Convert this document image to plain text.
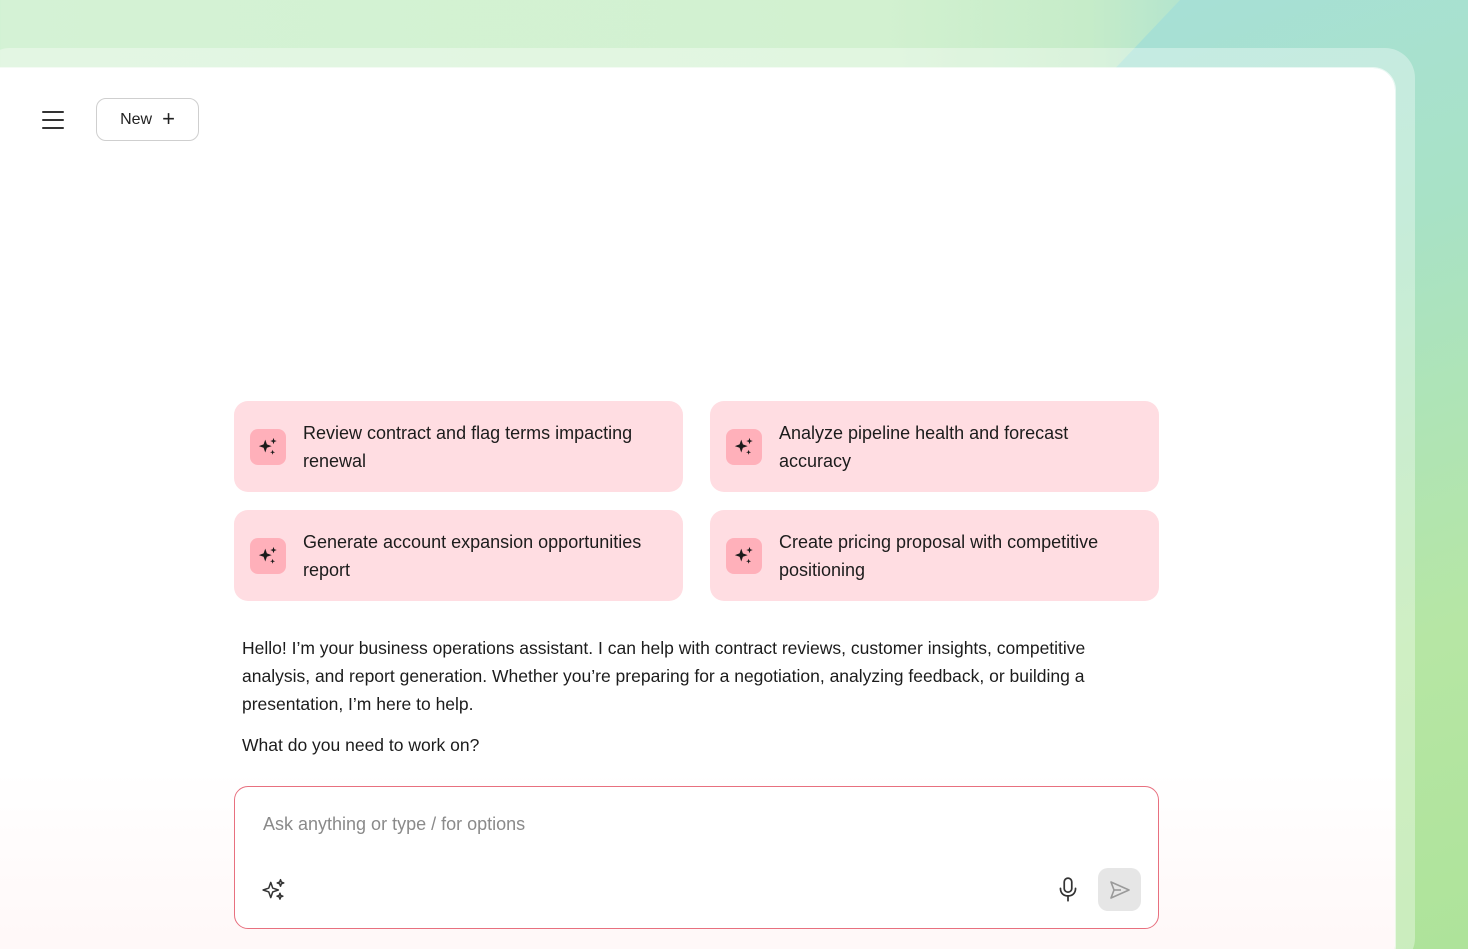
New +
Review contract and flag terms impacting renewal
Analyze pipeline health and forecast accuracy
Generate account expansion opportunities report
Create pricing proposal with competitive positioning

Hello! I’m your business operations assistant. I can help with contract reviews, customer insights, competitive analysis, and report generation. Whether you’re preparing for a negotiation, analyzing feedback, or building a presentation, I’m here to help.

What do you need to work on?

Ask anything or type / for options
